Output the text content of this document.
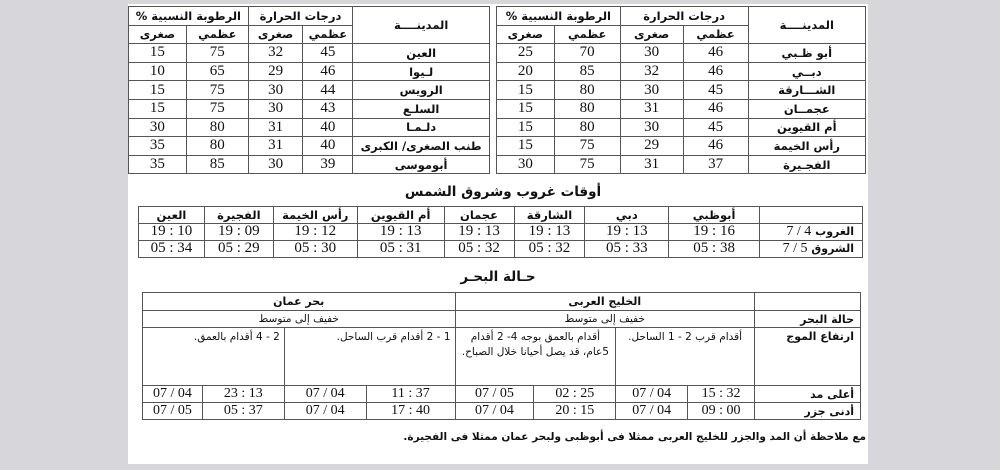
الرطوبة النسبية %		درجات الحرارة		المدينــــة
صغرى	عظمي	صغرى	عظمي	
15	75	32	45	العين
10	65	29	46	لـيوا
15	75	30	44	الرويس
15	75	30	43	السلـع
30	80	31	40	دلـمـا
35	80	31	40	طنب الصغرى/ الكبرى
35	85	30	39	أبوموسى
الرطوبة النسبية %		درجات الحرارة		المدينــــة
صغرى	عظمي	صغرى	عظمي	
25	70	30	46	أبو ظـبي
20	85	32	46	دبــي
15	80	30	45	الشـــارقة
15	80	31	46	عجمــان
15	80	30	45	أم القيوين
15	75	29	46	رأس الخيمة
30	75	31	37	الفجـيرة
أوقات غروب وشروق الشمس
العين	الفجيرة	رأس الخيمة	أم القيوين	عجمان	الشارقة	دبي	أبوظبي	
19 : 10	19 : 09	19 : 12	19 : 13	19 : 13	19 : 13	19 : 13	19 : 16	الغروب 7 / 4
05 : 34	05 : 29	05 : 30	05 : 31	05 : 32	05 : 32	05 : 33	05 : 38	الشروق 7 / 5
حـالة البحـر
بحر عمان				الخليج العربى				
خفيف إلى متوسط				خفيف إلى متوسط				حالة البحر
2 - 4 أقدام بالعمق.		1 - 2 أقدام قرب الساحل.		أقدام بالعمق بوجه 4- 2 أقدام 5عام، قد يصل أحيانا خلال الصباح.		أقدام قرب 2 - 1 الساحل.		ارتفاع الموج
07 / 04	23 : 13	07 / 04	11 : 37	07 / 05	02 : 25	07 / 04	15 : 32	أعلى مد
07 / 05	05 : 37	07 / 04	17 : 40	07 / 04	20 : 15	07 / 04	09 : 00	أدنى جزر
مع ملاحظة أن المد والجزر للخليج العربى ممثلا فى أبوظبى ولبحر عمان ممثلا فى الفجيرة.
